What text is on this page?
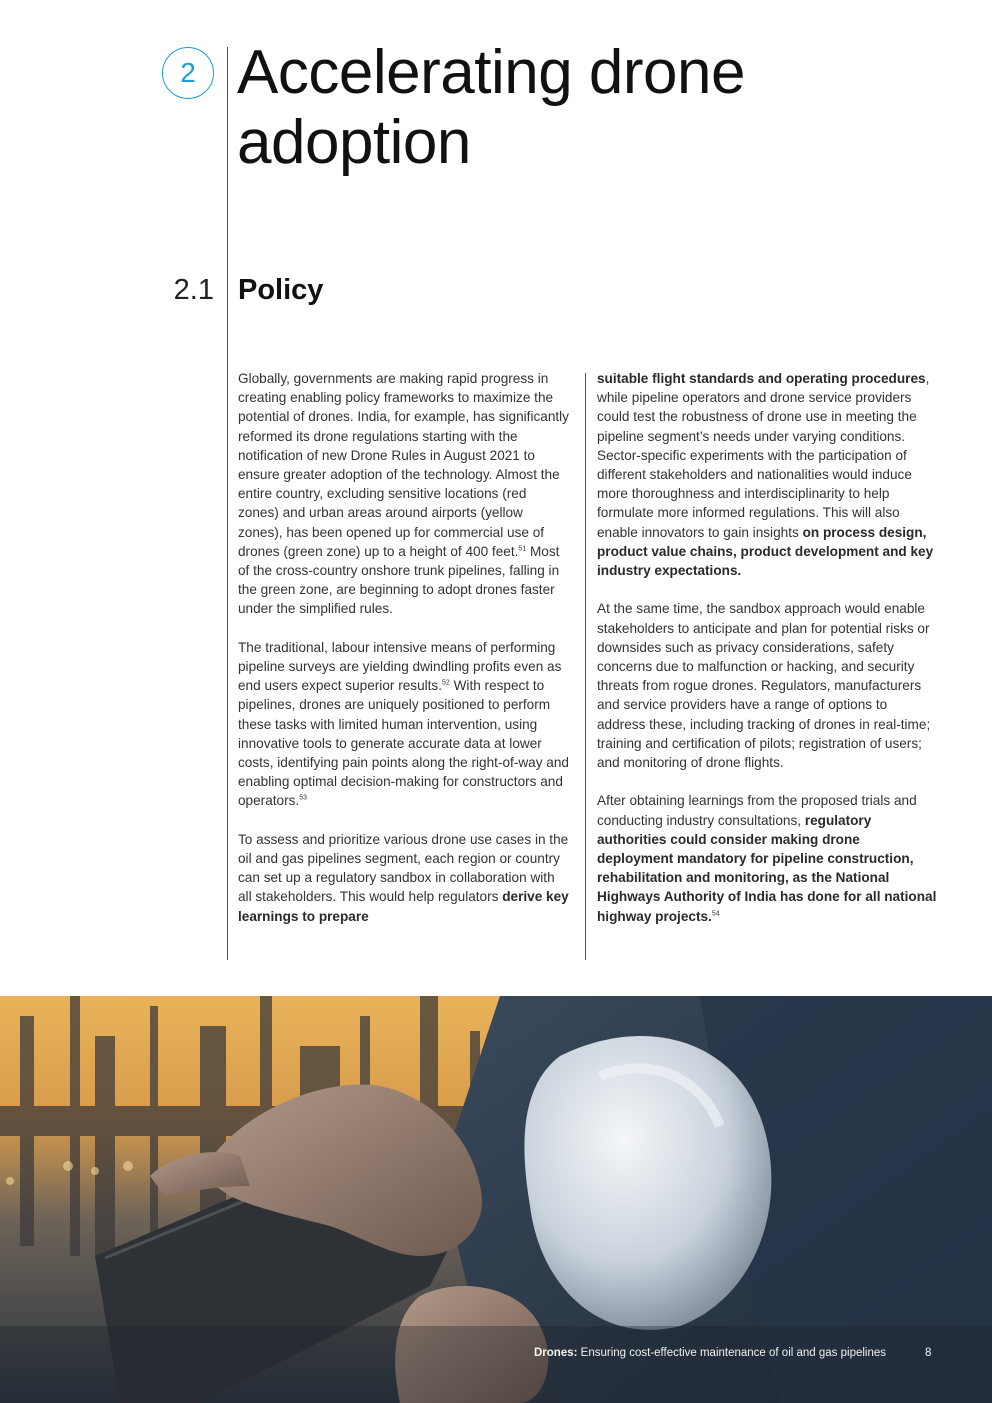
2 Accelerating drone adoption
2.1 Policy

Globally, governments are making rapid progress in creating enabling policy frameworks to maximize the potential of drones. India, for example, has significantly reformed its drone regulations starting with the notification of new Drone Rules in August 2021 to ensure greater adoption of the technology. Almost the entire country, excluding sensitive locations (red zones) and urban areas around airports (yellow zones), has been opened up for commercial use of drones (green zone) up to a height of 400 feet.$^{51}$ Most of the cross-country onshore trunk pipelines, falling in the green zone, are beginning to adopt drones faster under the simplified rules.

The traditional, labour intensive means of performing pipeline surveys are yielding dwindling profits even as end users expect superior results.$^{52}$ With respect to pipelines, drones are uniquely positioned to perform these tasks with limited human intervention, using innovative tools to generate accurate data at lower costs, identifying pain points along the right-of-way and enabling optimal decision-making for constructors and operators.$^{53}$

To assess and prioritize various drone use cases in the oil and gas pipelines segment, each region or country can set up a regulatory sandbox in collaboration with all stakeholders. This would help regulators derive key learnings to prepare

suitable flight standards and operating procedures, while pipeline operators and drone service providers could test the robustness of drone use in meeting the pipeline segment’s needs under varying conditions. Sector-specific experiments with the participation of different stakeholders and nationalities would induce more thoroughness and interdisciplinarity to help formulate more informed regulations. This will also enable innovators to gain insights on process design, product value chains, product development and key industry expectations.

At the same time, the sandbox approach would enable stakeholders to anticipate and plan for potential risks or downsides such as privacy considerations, safety concerns due to malfunction or hacking, and security threats from rogue drones. Regulators, manufacturers and service providers have a range of options to address these, including tracking of drones in real-time; training and certification of pilots; registration of users; and monitoring of drone flights.

After obtaining learnings from the proposed trials and conducting industry consultations, regulatory authorities could consider making drone deployment mandatory for pipeline construction, rehabilitation and monitoring, as the National Highways Authority of India has done for all national highway projects.$^{54}$

Drones: Ensuring cost-effective maintenance of oil and gas pipelines	8
